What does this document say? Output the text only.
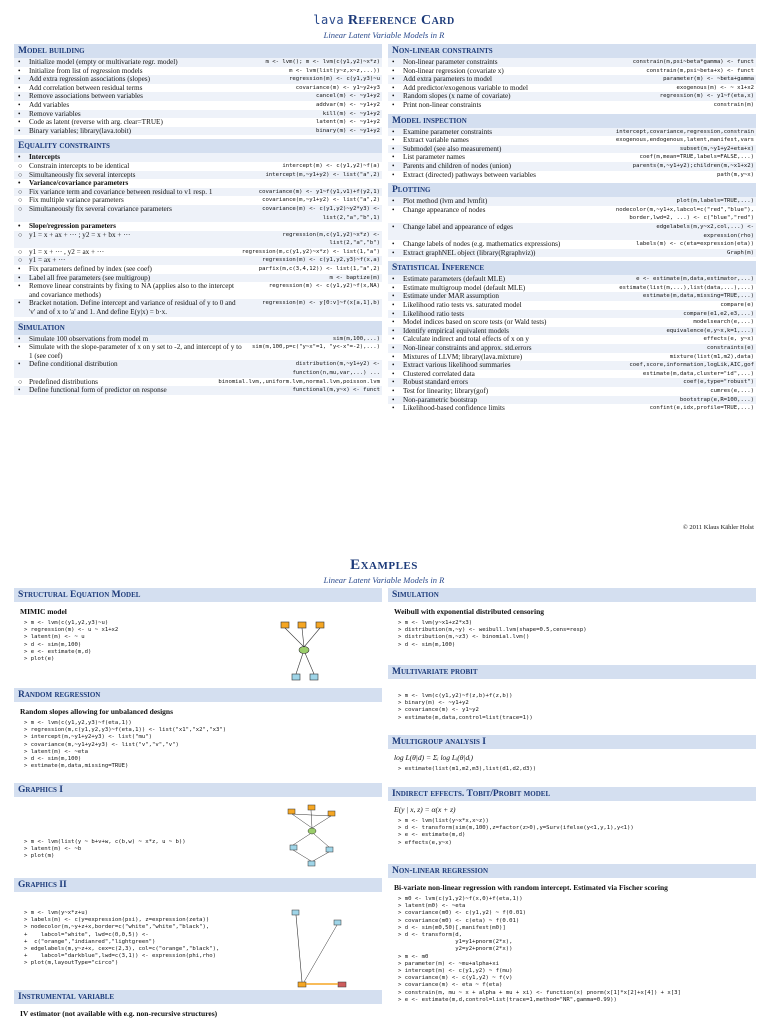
lava Reference Card
Linear Latent Variable Models in R
Model building
•	Initialize model (empty or multivariate regr. model)	m <- lvm(); m <- lvm(c(y1,y2)~x*z)
•	Initialize from list of regression models	m <- lvm(list(y~z,x~z,...))
•	Add extra regression associations (slopes)	regression(m) <- c(y1,y3)~u
•	Add correlation between residual terms	covariance(m) <- y1~y2+y3
•	Remove associations between variables	cancel(m) <- ~y1+y2
•	Add variables	addvar(m) <- ~y1+y2
•	Remove variables	kill(m) <- ~y1+y2
•	Code as latent (reverse with arg. clear=TRUE)	latent(m) <- ~y1+y2
•	Binary variables; library(lava.tobit)	binary(m) <- ~y1+y2
Equality constraints
•	Intercepts
○ Constrain intercepts to be identical	intercept(m) <- c(y1,y2)~f(a)
○ Simultaneously fix several intercepts	intercept(m,~y1+y2) <- list("a",2)
•	Variance/covariance parameters
○ Fix variance term and covariance between residual to v1 resp. 1	covariance(m) <- y1~f(y1,v1)+f(y2,1)
○ Fix multiple variance parameters	covariance(m,~y1+y2) <- list("a",2)
○ Simultaneously fix several covariance parameters	covariance(m) <- c(y1,y2)~y2*y3) <-
list(2,"a","b",1)
•	Slope/regression parameters
○ y1 = x + ax + ··· ; y2 = x + bx + ···	regression(m,c(y1,y2)~x*z) <-
list(2,"a","b")
○ y1 = x + ··· , y2 = ax + ···	regression(m,c(y1,y2)~x*z) <- list(1,"a")
○ y1 = ax + ···	regression(m) <- c(y1,y2,y3)~f(x,a)
•	Fix parameters defined by index (see coef)	parfix(m,c(3,4,12)) <- list(1,"a",2)
•	Label all free parameters (see multigroup)	m <- baptize(m)
•	Remove linear constraints by fixing to NA (applies also to the intercept and covariance methods)
regression(m) <- c(y1,y2)~f(x,NA)
•	Bracket notation. Define intercept and variance of residual of y to 0 and 'v' and of x to 'a' and 1. And define E(y|x) = b·x.
regression(m) <- y[0:v]~f(x[a,1],b)
Simulation
•	Simulate 100 observations from model m	sim(m,100,...)
•	Simulate with the slope-parameter of x on y set to -2, and intercept of y to 1 (see coef)
sim(m,100,p=c("y~x"=1, "y<-x"=-2),...)
•	Define conditional distribution	distribution(m,~y1+y2) <-
function(n,mu,var,...) ...
○ Predefined distributions	binomial.lvm,,uniform.lvm,normal.lvm,poisson.lvm
•	Define functional form of predictor on response	functional(m,y~x) <- funct
Non-linear constraints
•	Non-linear parameter constraints	constrain(m,psi~beta*gamma) <- funct
•	Non-linear regression (covariate x)	constrain(m,psi~beta+x) <- funct
•	Add extra parameters to model	parameter(m) <- ~beta+gamma
•	Add predictor/exogenous variable to model	exogenous(m) <- ~ x1+x2
•	Random slopes (x name of covariate)	regression(m) <- y1~f(eta,x)
•	Print non-linear constraints	constrain(m)
Model inspection
•	Examine parameter constraints	intercept,covariance,regression,constrain
•	Extract variable names	exogenous,endogenous,latent,manifest,vars
•	Submodel (see also measurement)	subset(m,~y1+y2+eta+x)
•	List parameter names	coef(m,mean=TRUE,labels=FALSE,...)
•	Parents and children of nodes (union)	parents(m,~y1+y2);children(m,~x1+x2)
•	Extract (directed) pathways between variables	path(m,y~x)
Plotting
•	Plot method (lvm and lvmfit)	plot(m,labels=TRUE,...)
•	Change appearance of nodes	nodecolor(m,~y1+x,labcol=c("red","blue"),
border,lwd=2, ...) <- c("blue","red")
•	Change label and appearance of edges	edgelabels(m,y~x2,col,...) <-
expression(rho)
•	Change labels of nodes (e.g. mathematics expressions)	labels(m) <- c(eta=expression(eta))
•	Extract graphNEL object (library(Rgraphviz))	Graph(m)
Statistical Inference
•	Estimate parameters (default MLE)	e <- estimate(m,data,estimator,...)
•	Estimate multigroup model (default MLE)	estimate(list(m,...),list(data,...),...)
•	Estimate under MAR assumption	estimate(m,data,missing=TRUE,...)
•	Likelihood ratio tests vs. saturated model	compare(e)
•	Likelihood ratio tests	compare(e1,e2,e3,...)
•	Model indices based on score tests (or Wald tests)	modelsearch(e,...)
•	Identify empirical equivalent models	equivalence(e,y~x,k=1,...)
•	Calculate indirect and total effects of x on y	effects(e, y~x)
•	Non-linear constraints and approx. std.errors	constraints(e)
•	Mixtures of LLVM; library(lava.mixture)	mixture(list(m1,m2),data)
•	Extract various likelihood summaries	coef,score,information,logLik,AIC,gof
•	Clustered correlated data	estimate(m,data,cluster="id",...)
•	Robust standard errors	coef(e,type="robust")
•	Test for linearity; library(gof)	cumres(e,...)
•	Non-parametric bootstrap	bootstrap(e,R=100,...)
•	Likelihood-based confidence limits	confint(e,idx,profile=TRUE,...)
© 2011 Klaus Kähler Holst
Examples
Linear Latent Variable Models in R
Structural Equation Model
MIMIC model
> m <- lvm(c(y1,y2,y3)~u)
> regression(m) <- u ~ x1+x2
> latent(m) <- ~ u
> d <- sim(m,100)
> e <- estimate(m,d)
> plot(e)
Random regression
Random slopes allowing for unbalanced designs
> m <- lvm(c(y1,y2,y3)~f(eta,1))
> regression(m,c(y1,y2,y3)~f(eta,1)) <- list("x1","x2","x3")
> intercept(m,~y1+y2+y3) <- list("mu")
> covariance(m,~y1+y2+y3) <- list("v","v","v")
> latent(m) <- ~eta
> d <- sim(m,100)
> estimate(m,data,missing=TRUE)
Graphics I
> m <- lvm(list(y ~ b+v+w, c(b,w) ~ x*z, u ~ b))
> latent(m) <- ~b
> plot(m)
Graphics II
> m <- lvm(y~x*z+u)
> labels(m) <- c(y=expression(psi), z=expression(zeta))
> nodecolor(m,~y+z+x,border=c("white","white","black"),
+    labcol="white", lwd=c(0,0,5)) <-
+  c("orange","indianred","lightgreen")
> edgelabels(m,y~z+x, cex=c(2,3), col=c("orange","black"),
+    labcol="darkblue",lwd=c(3,1)) <- expression(phi,rho)
> plot(m,layoutType="circo")
Instrumental variable
IV estimator (not available with e.g. non-recursive structures)
Simulation
Weibull with exponential distributed censoring
> m <- lvm(y~x1+z2*x3)
> distribution(m,~y) <- weibull.lvm(shape=0.5,cens=resp)
> distribution(m,~z3) <- binomial.lvm()
> d <- sim(m,100)
Multivariate probit
> m <- lvm(c(y1,y2)~f(z,b)+f(z,b))
> binary(m) <- ~y1+y2
> covariance(m) <- y1~y2
> estimate(m,data,control=list(trace=1))
Multigroup analysis I
log L(θ|d) = Σᵢ log Lᵢ(θ|dᵢ)
> estimate(list(m1,m2,m3),list(d1,d2,d3))
Indirect effects. Tobit/Probit model
E(y | x, z) = α(x + z)
> m <- lvm(list(y~x*x,x~z))
> d <- transform(sim(m,100),z=factor(z>0),y=Surv(ifelse(y<1,y,1),y<1))
> e <- estimate(m,d)
> effects(e,y~x)
Non-linear regression
Bi-variate non-linear regression with random intercept. Estimated via Fischer scoring
> m0 <- lvm(c(y1,y2)~f(x,0)+f(eta,1))
> latent(m0) <- ~eta
> covariance(m0) <- c(y1,y2) ~ f(0.01)
> covariance(m0) <- c(eta) ~ f(0.01)
> d <- sim(m0,50)[,manifest(m0)]
> d <- transform(d,
y1=y1+pnorm(2*x),
y2=y2+pnorm(2*x))
> m <- m0
> parameter(m) <- ~mu+alpha+xi
> intercept(m) <- c(y1,y2) ~ f(mu)
> covariance(m) <- c(y1,y2) ~ f(v)
> covariance(m) <- eta ~ f(eta)
> constrain(m, mu ~ x + alpha + mu + xi) <- function(x) pnorm(x[1]*x[2]+x[4]) + x[3]
> e <- estimate(m,d,control=list(trace=1,method="NR",gamma=0.99))
